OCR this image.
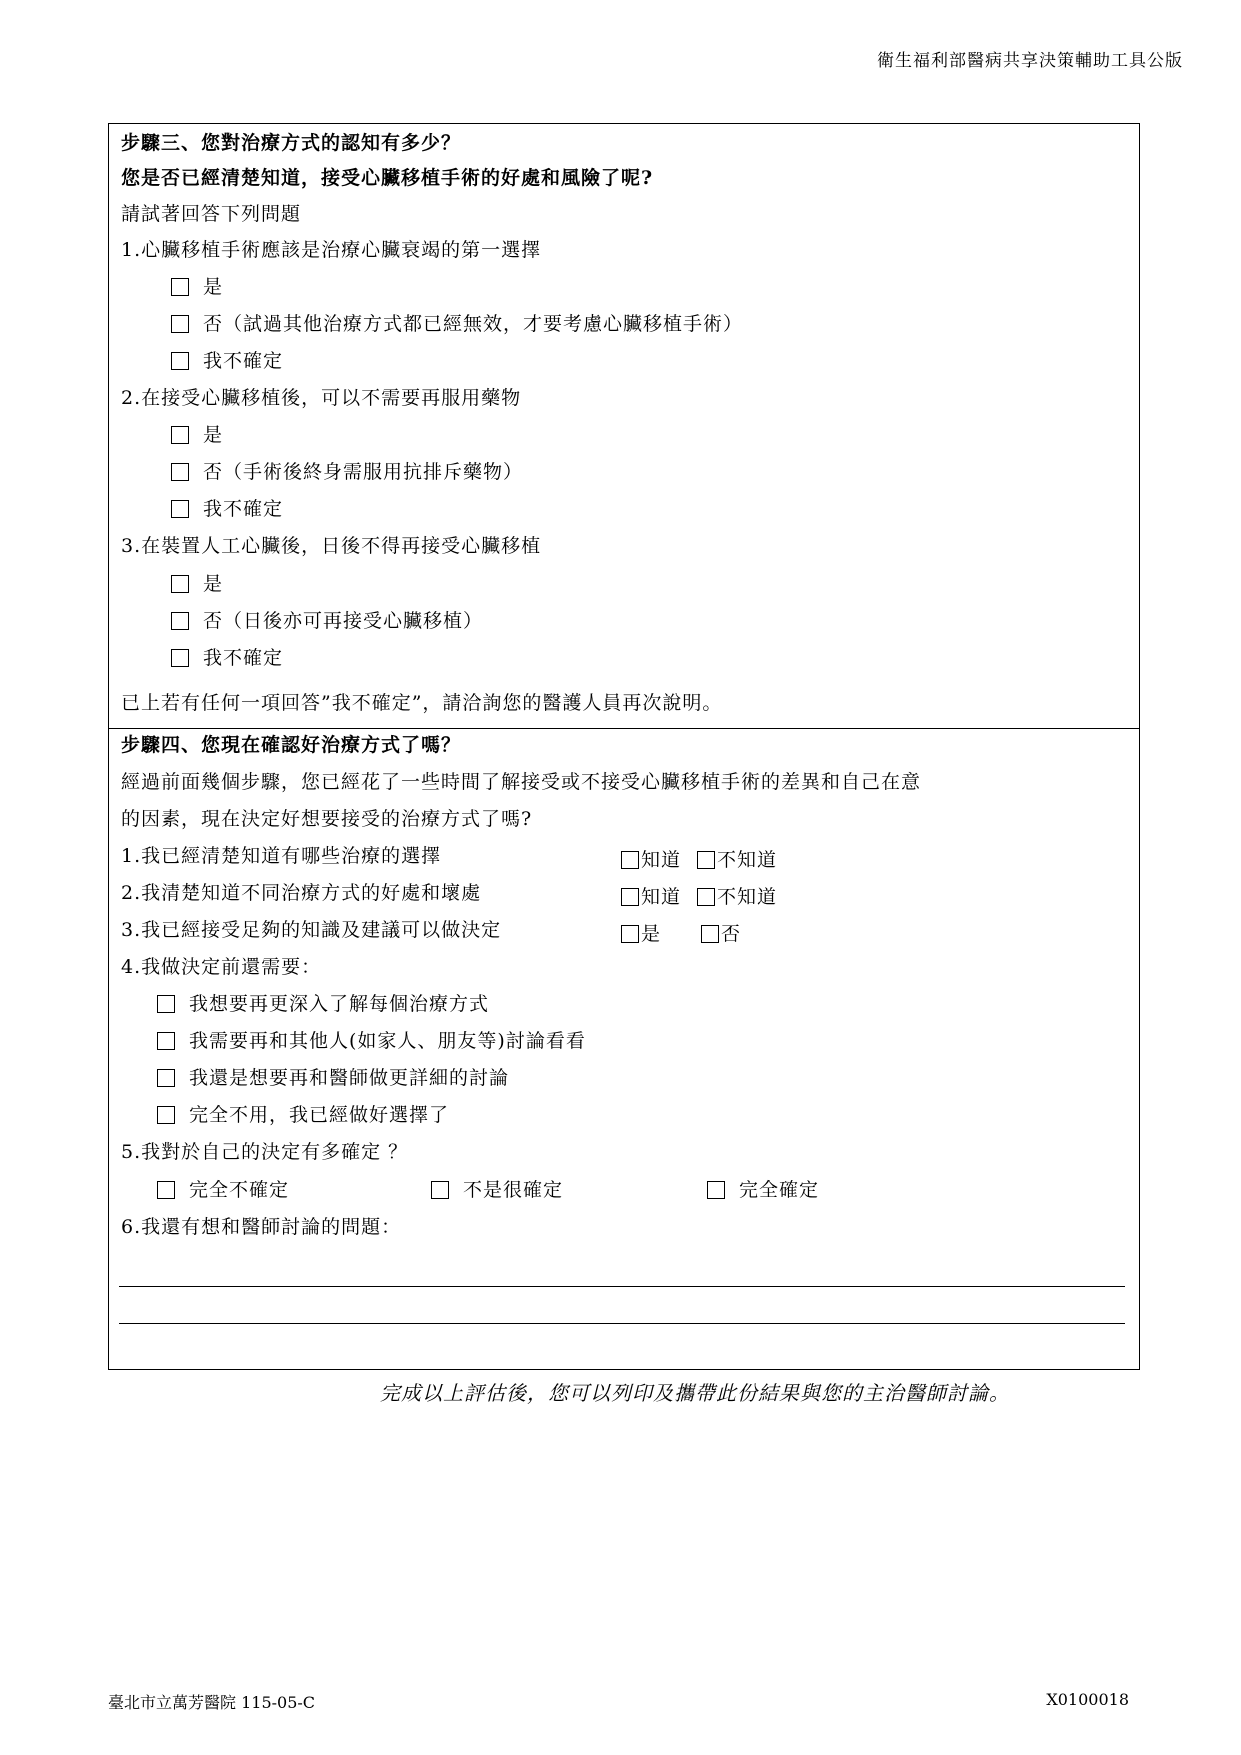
衛生福利部醫病共享決策輔助工具公版
步驟三、您對治療方式的認知有多少？
您是否已經清楚知道，接受心臟移植手術的好處和風險了呢?
請試著回答下列問題
1.心臟移植手術應該是治療心臟衰竭的第一選擇
是
否（試過其他治療方式都已經無效，才要考慮心臟移植手術）
我不確定
2.在接受心臟移植後，可以不需要再服用藥物
是
否（手術後終身需服用抗排斥藥物）
我不確定
3.在裝置人工心臟後，日後不得再接受心臟移植
是
否（日後亦可再接受心臟移植）
我不確定
已上若有任何一項回答”我不確定”，請洽詢您的醫護人員再次說明。
步驟四、您現在確認好治療方式了嗎？
經過前面幾個步驟，您已經花了一些時間了解接受或不接受心臟移植手術的差異和自己在意
的因素，現在決定好想要接受的治療方式了嗎?
1.我已經清楚知道有哪些治療的選擇	知道 不知道
2.我清楚知道不同治療方式的好處和壞處	知道 不知道
3.我已經接受足夠的知識及建議可以做決定	是	否
4.我做決定前還需要：
我想要再更深入了解每個治療方式
我需要再和其他人(如家人、朋友等)討論看看
我還是想要再和醫師做更詳細的討論
完全不用，我已經做好選擇了
5.我對於自己的決定有多確定 ？
完全不確定	不是很確定	完全確定
6.我還有想和醫師討論的問題：
完成以上評估後，您可以列印及攜帶此份結果與您的主治醫師討論。
臺北市立萬芳醫院 115-05-C	X0100018
